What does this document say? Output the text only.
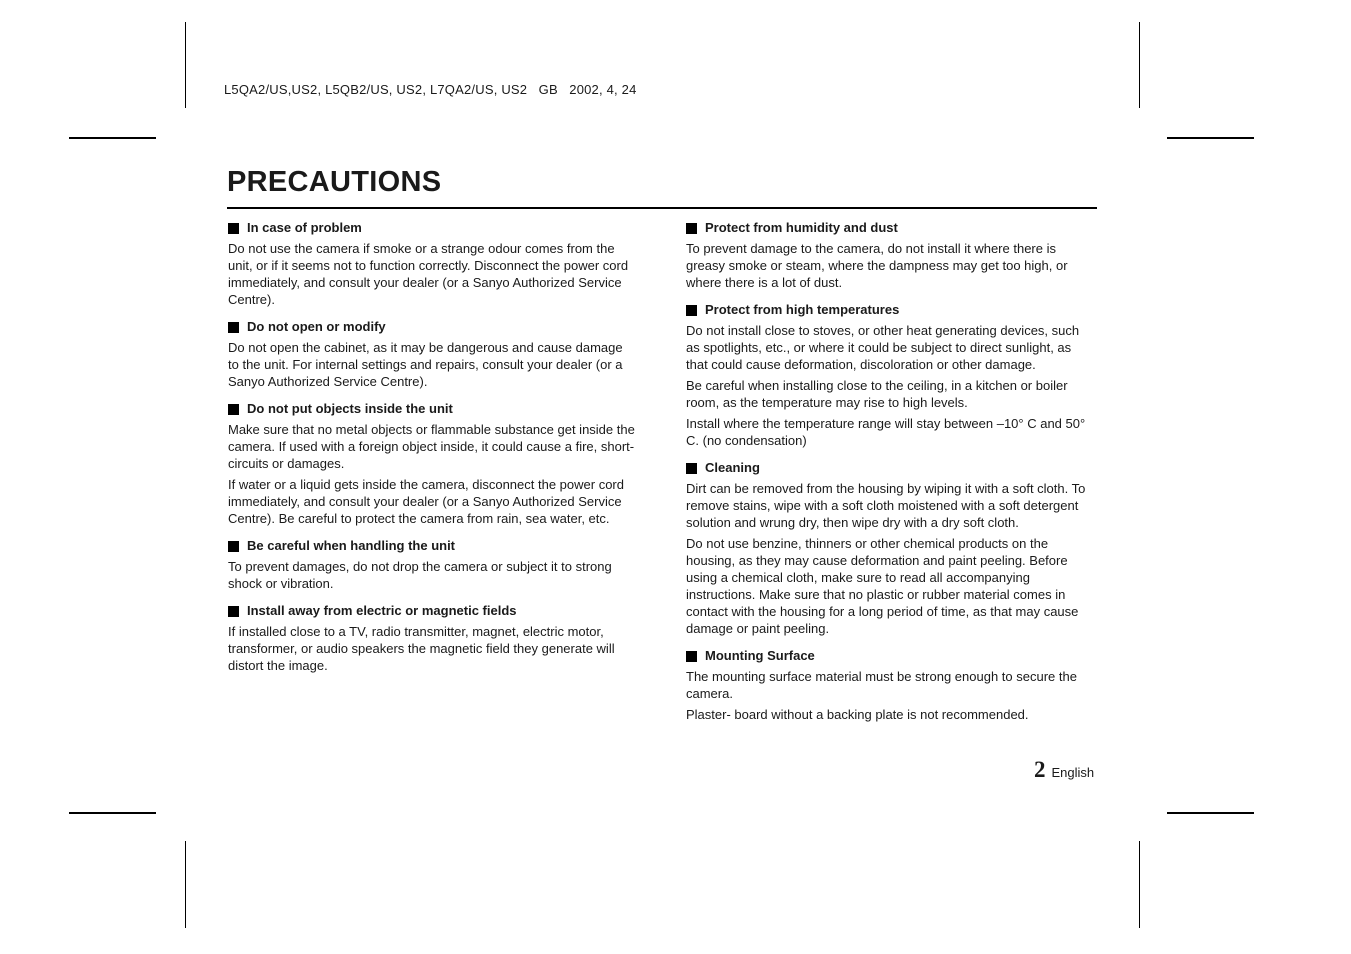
L5QA2/US,US2, L5QB2/US, US2, L7QA2/US, US2   GB   2002, 4, 24
PRECAUTIONS
In case of problem

Do not use the camera if smoke or a strange odour comes from the unit, or if it seems not to function correctly. Disconnect the power cord immediately, and consult your dealer (or a Sanyo Authorized Service Centre).

Do not open or modify

Do not open the cabinet, as it may be dangerous and cause damage to the unit. For internal settings and repairs, consult your dealer (or a Sanyo Authorized Service Centre).

Do not put objects inside the unit

Make sure that no metal objects or flammable substance get inside the camera. If used with a foreign object inside, it could cause a fire, short-circuits or damages.

If water or a liquid gets inside the camera, disconnect the power cord immediately, and consult your dealer (or a Sanyo Authorized Service Centre). Be careful to protect the camera from rain, sea water, etc.

Be careful when handling the unit

To prevent damages, do not drop the camera or subject it to strong shock or vibration.

Install away from electric or magnetic fields

If installed close to a TV, radio transmitter, magnet, electric motor, transformer, or audio speakers the magnetic field they generate will distort the image.

Protect from humidity and dust

To prevent damage to the camera, do not install it where there is greasy smoke or steam, where the dampness may get too high, or where there is a lot of dust.

Protect from high temperatures

Do not install close to stoves, or other heat generating devices, such as spotlights, etc., or where it could be subject to direct sunlight, as that could cause deformation, discoloration or other damage.

Be careful when installing close to the ceiling, in a kitchen or boiler room, as the temperature may rise to high levels.

Install where the temperature range will stay between –10° C and 50° C. (no condensation)

Cleaning

Dirt can be removed from the housing by wiping it with a soft cloth. To remove stains, wipe with a soft cloth moistened with a soft detergent solution and wrung dry, then wipe dry with a dry soft cloth.

Do not use benzine, thinners or other chemical products on the housing, as they may cause deformation and paint peeling. Before using a chemical cloth, make sure to read all accompanying instructions. Make sure that no plastic or rubber material comes in contact with the housing for a long period of time, as that may cause damage or paint peeling.

Mounting Surface

The mounting surface material must be strong enough to secure the camera.

Plaster- board without a backing plate is not recommended.

2 English
